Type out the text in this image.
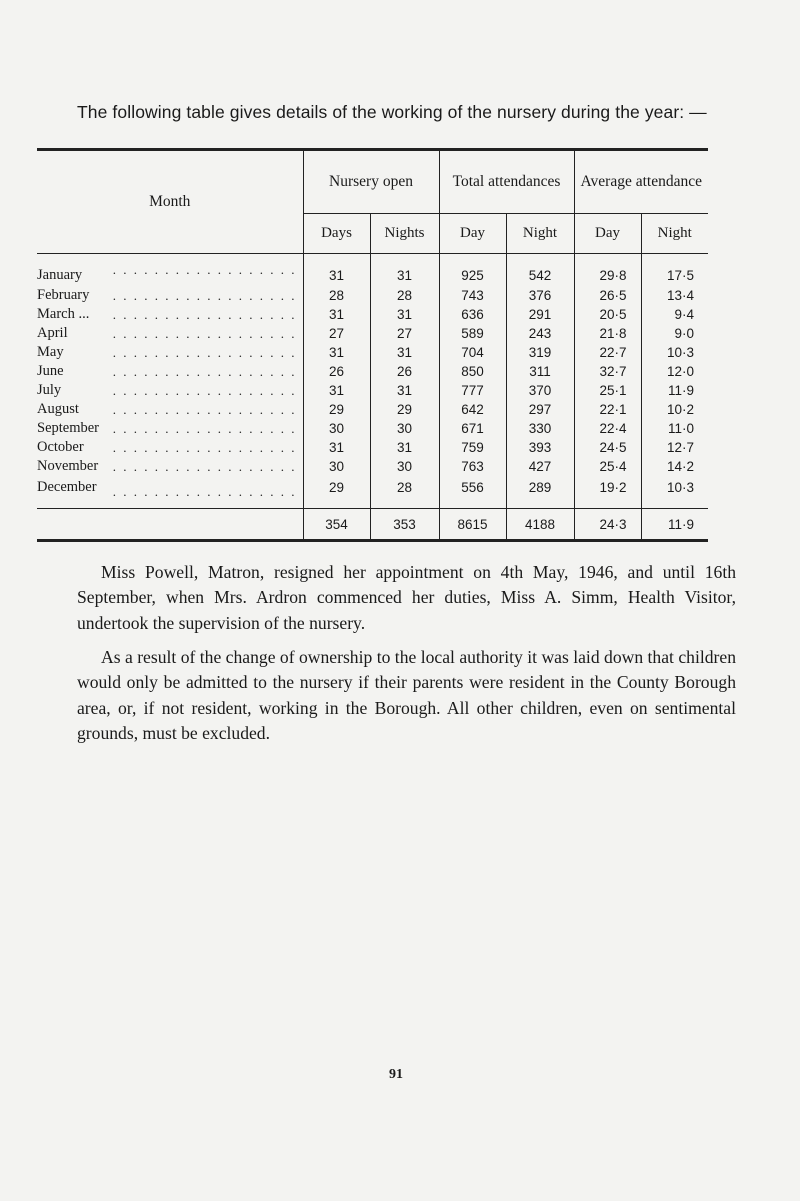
The following table gives details of the working of the nursery during the year: —

Month	Nursery open		Total attendances		Average attendance	
	Days	Nights	Day	Night	Day	Night

. . . . . . . . . . . . . . . . . .
January	31	31	925	542	29·8	17·5

. . . . . . . . . . . . . . . . . .
February	28	28	743	376	26·5	13·4

. . . . . . . . . . . . . . . . . .
March ...	31	31	636	291	20·5	9·4

. . . . . . . . . . . . . . . . . .
April	27	27	589	243	21·8	9·0

. . . . . . . . . . . . . . . . . .
May	31	31	704	319	22·7	10·3

. . . . . . . . . . . . . . . . . .
June	26	26	850	311	32·7	12·0

. . . . . . . . . . . . . . . . . .
July	31	31	777	370	25·1	11·9

. . . . . . . . . . . . . . . . . .
August	29	29	642	297	22·1	10·2

. . . . . . . . . . . . . . . . . .
September	30	30	671	330	22·4	11·0

. . . . . . . . . . . . . . . . . .
October	31	31	759	393	24·5	12·7

. . . . . . . . . . . . . . . . . .
November	30	30	763	427	25·4	14·2

. . . . . . . . . . . . . . . . . .
December	29	28	556	289	19·2	10·3
	354	353	8615	4188	24·3	11·9

Miss Powell, Matron, resigned her appointment on 4th May, 1946, and until 16th September, when Mrs. Ardron commenced her duties, Miss A. Simm, Health Visitor, undertook the supervision of the nursery.

As a result of the change of ownership to the local authority it was laid down that children would only be admitted to the nursery if their parents were resident in the County Borough area, or, if not resident, working in the Borough. All other children, even on sentimental grounds, must be excluded.

91
